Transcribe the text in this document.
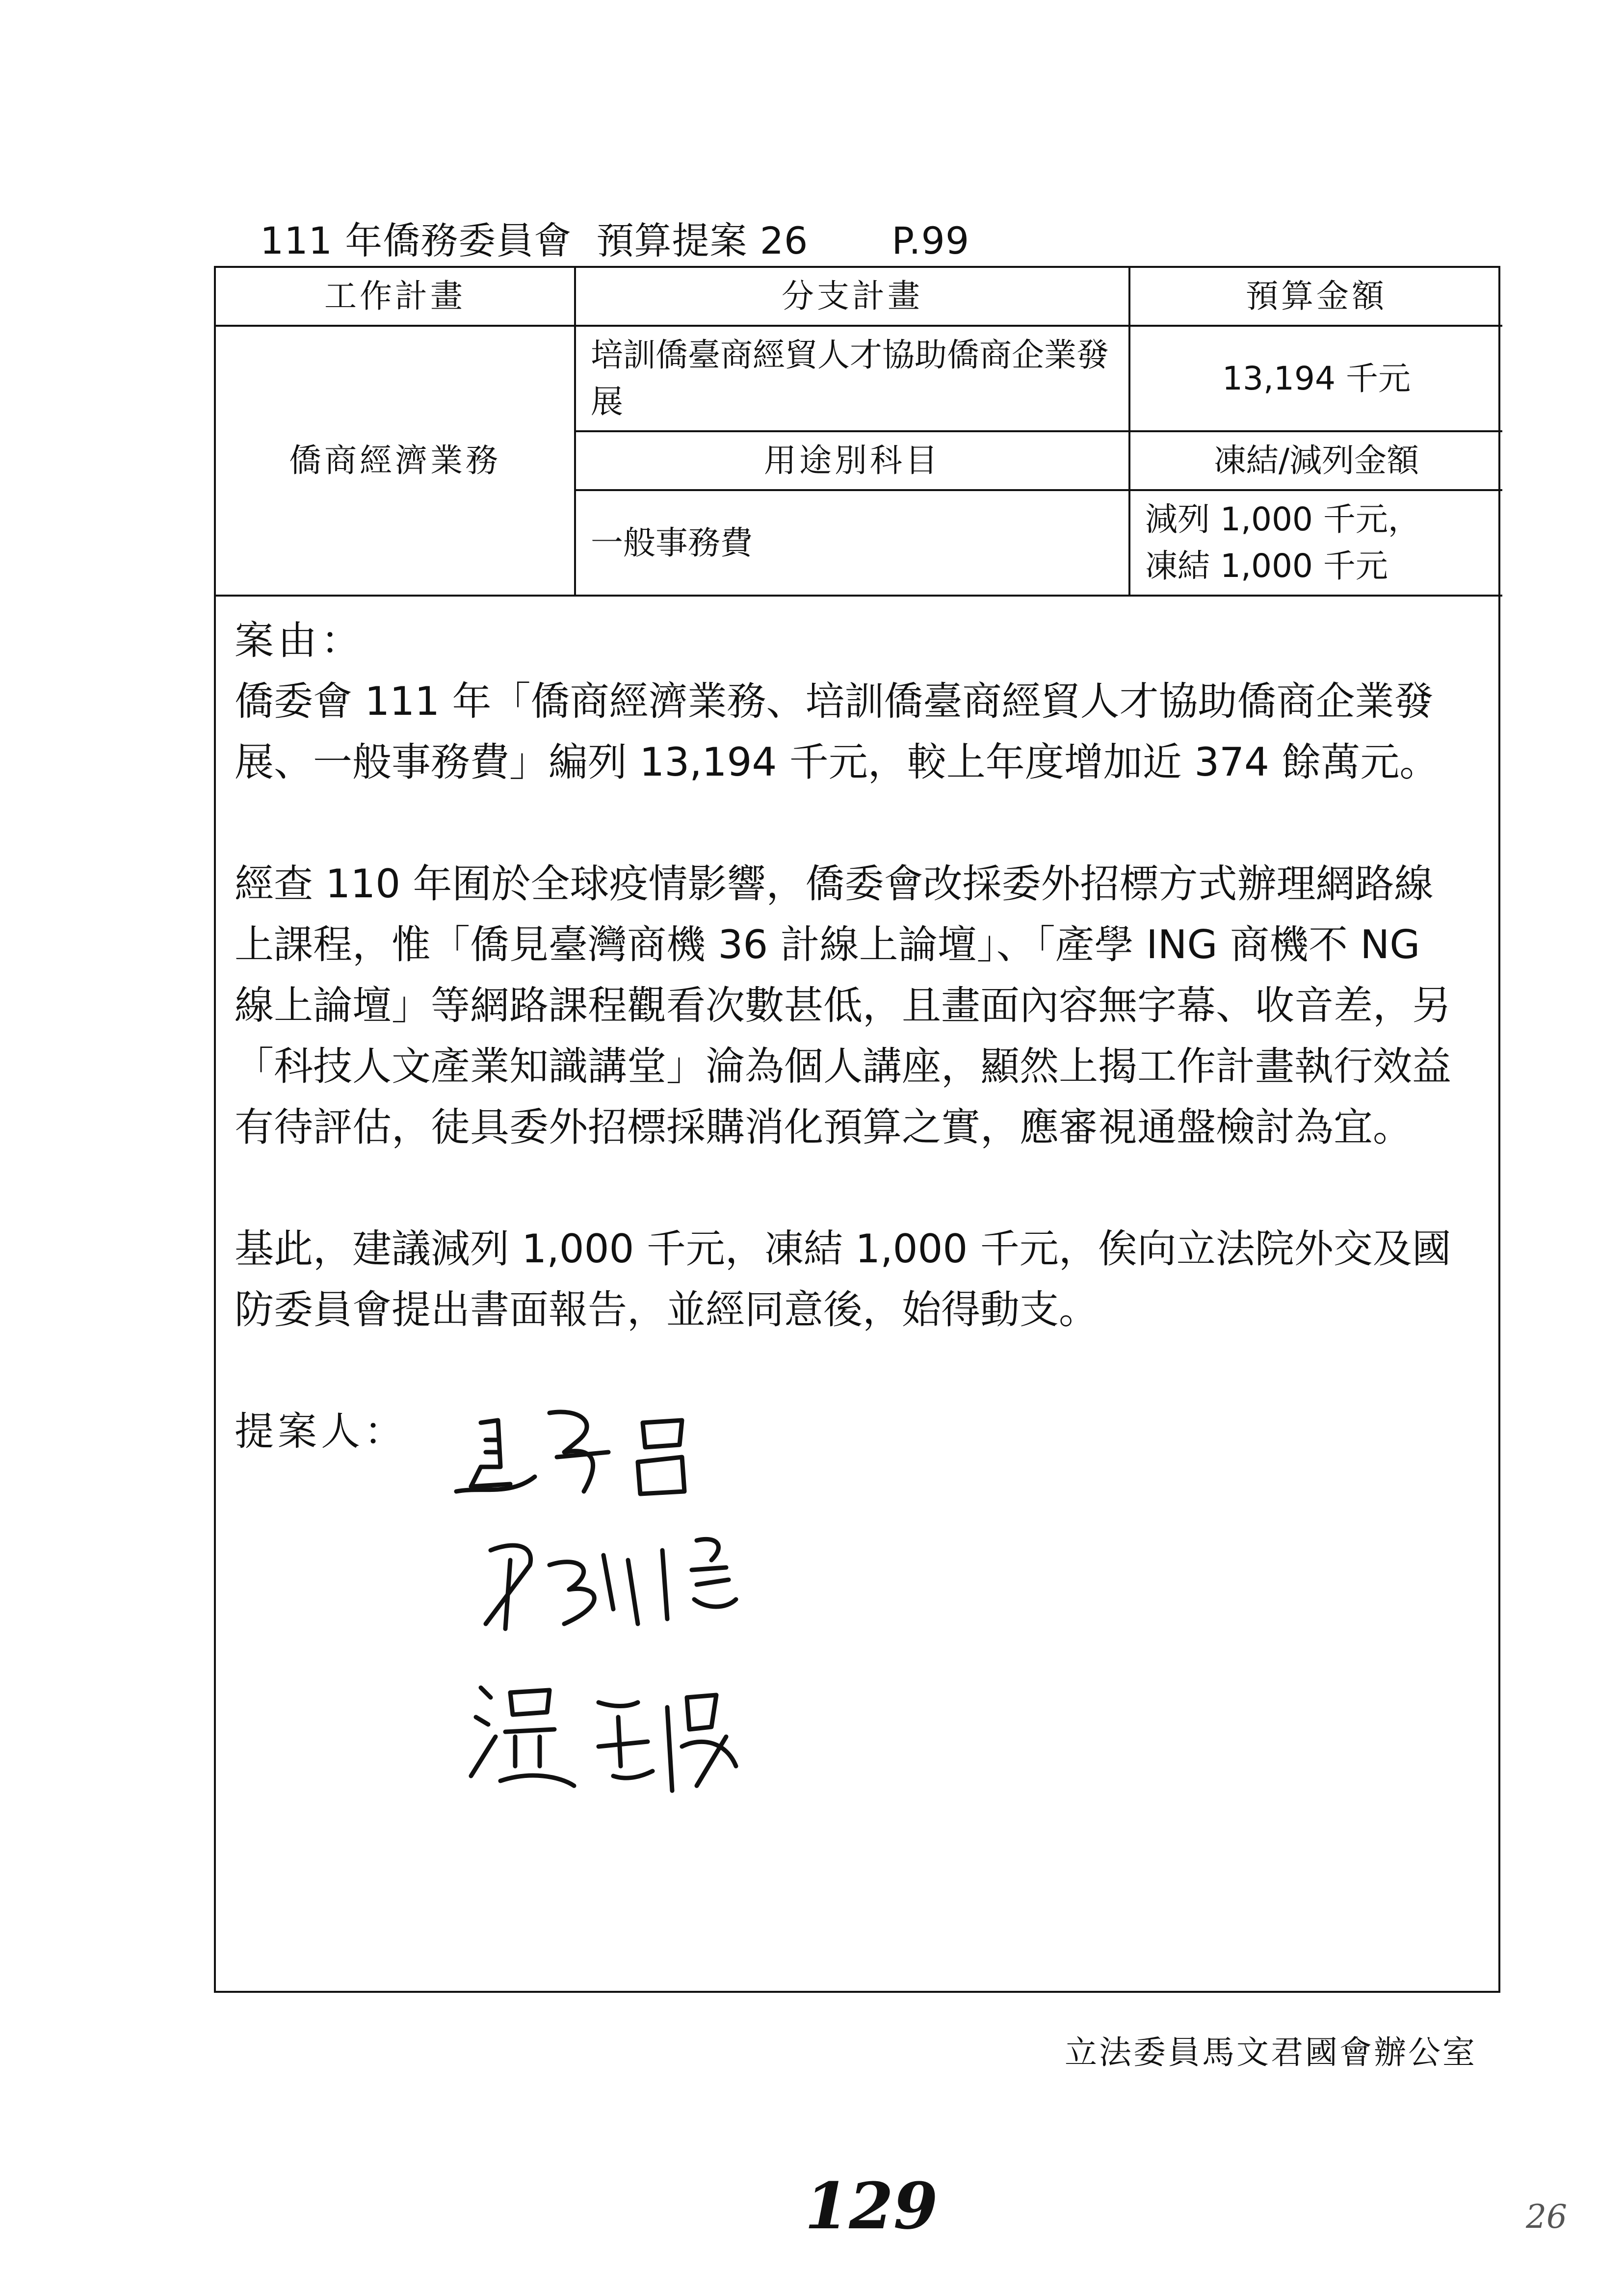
111 年僑務委員會  預算提案 26 P.99
工作計畫	分支計畫	預算金額
僑商經濟業務	培訓僑臺商經貿人才協助僑商企業發展	13,194 千元
	用途別科目	凍結/減列金額
	一般事務費	減列 1,000 千元，
凍結 1,000 千元
案由：

僑委會 111 年「僑商經濟業務、培訓僑臺商經貿人才協助僑商企業發展、一般事務費」編列 13,194 千元，較上年度增加近 374 餘萬元。

經查 110 年囿於全球疫情影響，僑委會改採委外招標方式辦理網路線上課程，惟「僑見臺灣商機 36 計線上論壇」、「產學 ING 商機不 NG 線上論壇」等網路課程觀看次數甚低，且畫面內容無字幕、收音差，另「科技人文產業知識講堂」淪為個人講座，顯然上揭工作計畫執行效益有待評估，徒具委外招標採購消化預算之實，應審視通盤檢討為宜。

基此，建議減列 1,000 千元，凍結 1,000 千元，俟向立法院外交及國防委員會提出書面報告，並經同意後，始得動支。

提案人：
立法委員馬文君國會辦公室
129	26
